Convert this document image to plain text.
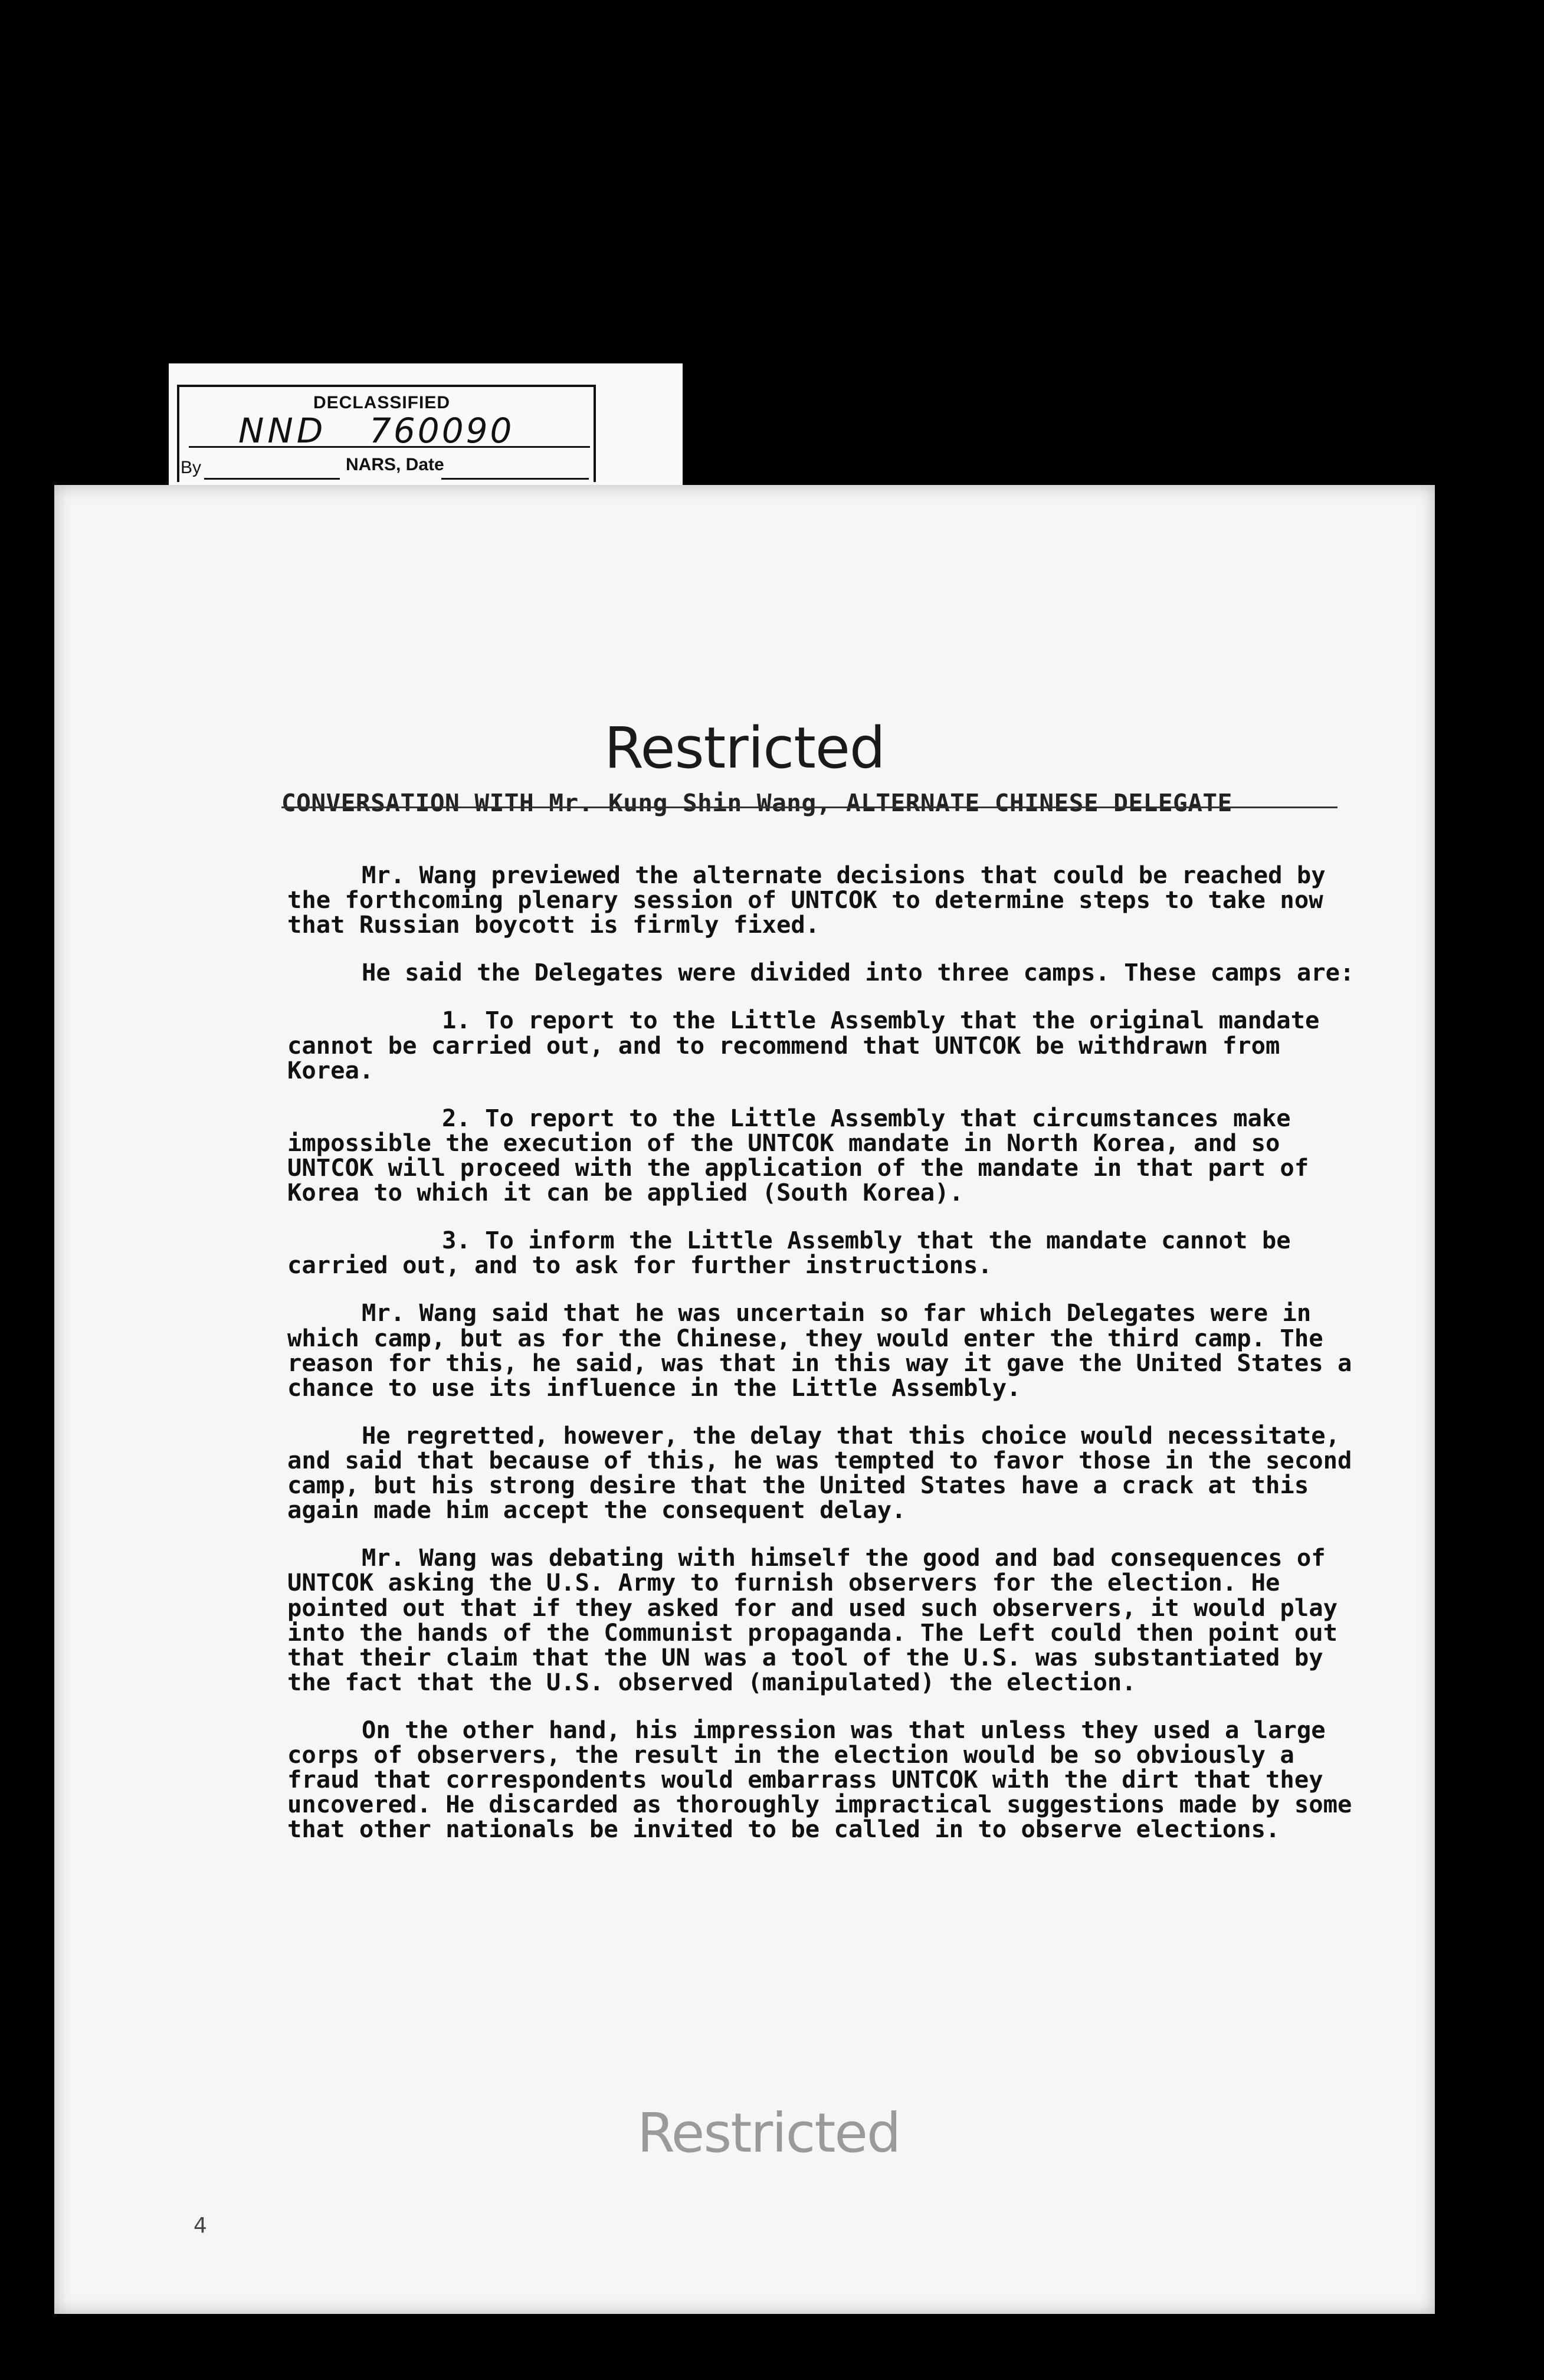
DECLASSIFIED
NND 760090
By	NARS, Date
Restricted
CONVERSATION WITH Mr. Kung Shin Wang, ALTERNATE CHINESE DELEGATE

Mr. Wang previewed the alternate decisions that could be reached by the forthcoming plenary session of UNTCOK to determine steps to take now that Russian boycott is firmly fixed.

He said the Delegates were divided into three camps. These camps are:

1. To report to the Little Assembly that the original mandate cannot be carried out, and to recommend that UNTCOK be withdrawn from Korea.

2. To report to the Little Assembly that circumstances make impossible the execution of the UNTCOK mandate in North Korea, and so UNTCOK will proceed with the application of the mandate in that part of Korea to which it can be applied (South Korea).

3. To inform the Little Assembly that the mandate cannot be carried out, and to ask for further instructions.

Mr. Wang said that he was uncertain so far which Delegates were in which camp, but as for the Chinese, they would enter the third camp. The reason for this, he said, was that in this way it gave the United States a chance to use its influence in the Little Assembly.

He regretted, however, the delay that this choice would necessitate, and said that because of this, he was tempted to favor those in the second camp, but his strong desire that the United States have a crack at this again made him accept the consequent delay.

Mr. Wang was debating with himself the good and bad consequences of UNTCOK asking the U.S. Army to furnish observers for the election. He pointed out that if they asked for and used such observers, it would play into the hands of the Communist propaganda. The Left could then point out that their claim that the UN was a tool of the U.S. was substantiated by the fact that the U.S. observed (manipulated) the election.

On the other hand, his impression was that unless they used a large corps of observers, the result in the election would be so obviously a fraud that correspondents would embarrass UNTCOK with the dirt that they uncovered. He discarded as thoroughly impractical suggestions made by some that other nationals be invited to be called in to observe elections.

Restricted
4
